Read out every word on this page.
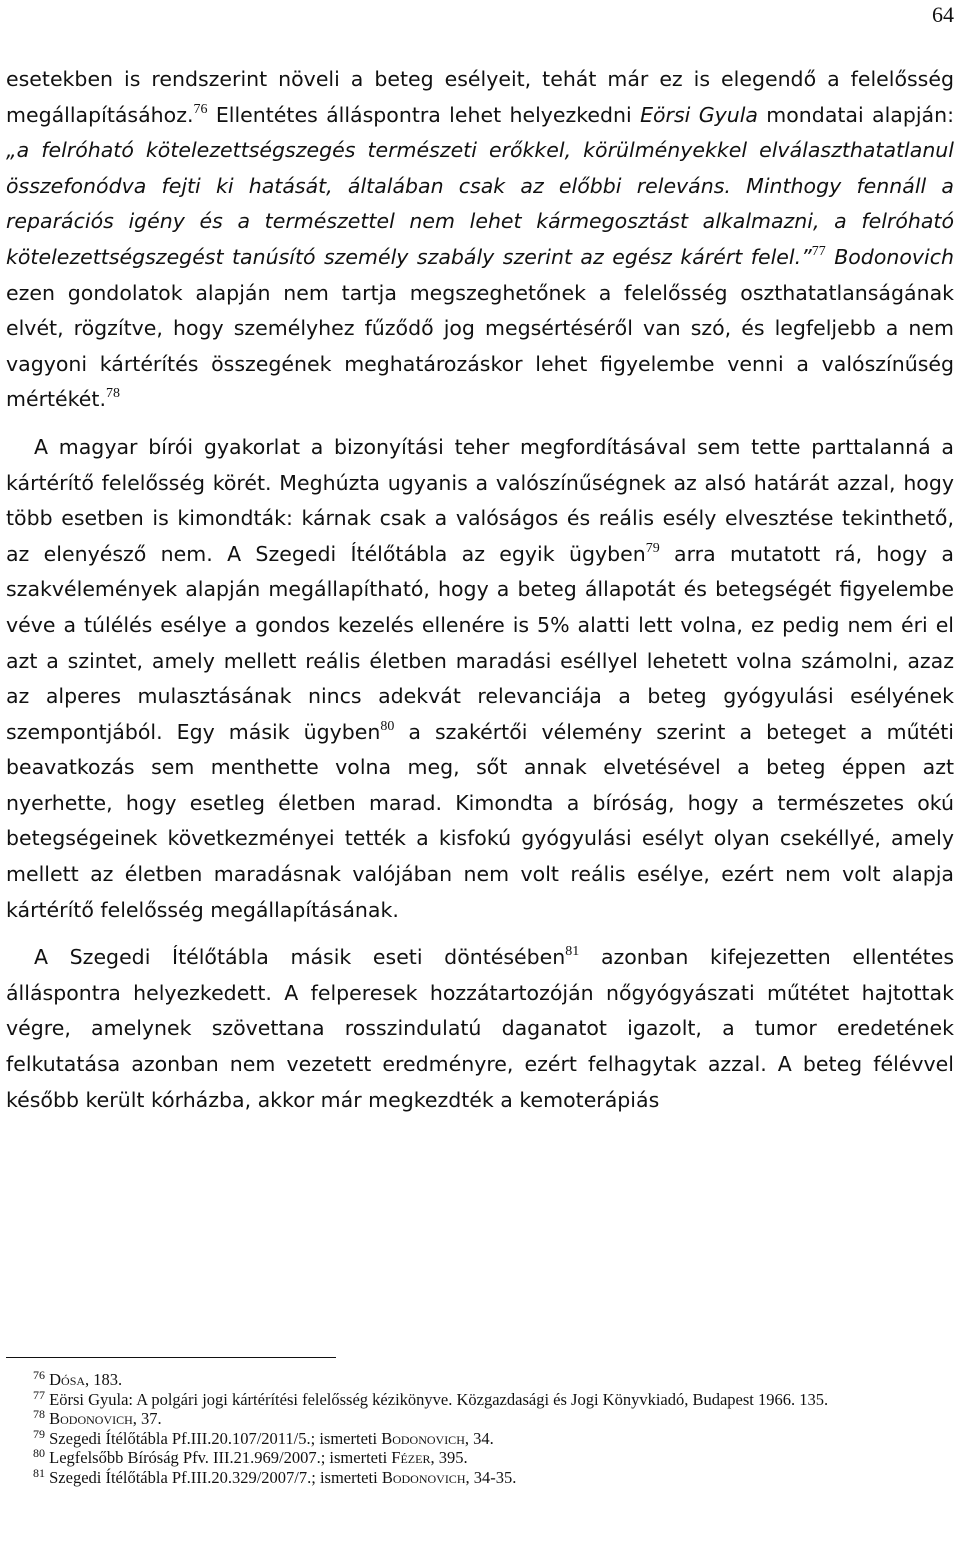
64

esetekben is rendszerint növeli a beteg esélyeit, tehát már ez is elegendő a felelősség megállapításához.$^{76}$ Ellentétes álláspontra lehet helyezkedni Eörsi Gyula mondatai alapján: „a felróható kötelezettségszegés természeti erőkkel, körülményekkel elválaszthatatlanul összefonódva fejti ki hatását, általában csak az előbbi releváns. Minthogy fennáll a reparációs igény és a természettel nem lehet kármegosztást alkalmazni, a felróható kötelezettségszegést tanúsító személy szabály szerint az egész kárért felel.”$^{77}$ Bodonovich ezen gondolatok alapján nem tartja megszeghetőnek a felelősség oszthatatlanságának elvét, rögzítve, hogy személyhez fűződő jog megsértéséről van szó, és legfeljebb a nem vagyoni kártérítés összegének meghatározáskor lehet figyelembe venni a valószínűség mértékét.$^{78}$

A magyar bírói gyakorlat a bizonyítási teher megfordításával sem tette parttalanná a kártérítő felelősség körét. Meghúzta ugyanis a valószínűségnek az alsó határát azzal, hogy több esetben is kimondták: kárnak csak a valóságos és reális esély elvesztése tekinthető, az elenyésző nem. A Szegedi Ítélőtábla az egyik ügyben$^{79}$ arra mutatott rá, hogy a szakvélemények alapján megállapítható, hogy a beteg állapotát és betegségét figyelembe véve a túlélés esélye a gondos kezelés ellenére is 5% alatti lett volna, ez pedig nem éri el azt a szintet, amely mellett reális életben maradási eséllyel lehetett volna számolni, azaz az alperes mulasztásának nincs adekvát relevanciája a beteg gyógyulási esélyének szempontjából. Egy másik ügyben$^{80}$ a szakértői vélemény szerint a beteget a műtéti beavatkozás sem menthette volna meg, sőt annak elvetésével a beteg éppen azt nyerhette, hogy esetleg életben marad. Kimondta a bíróság, hogy a természetes okú betegségeinek következményei tették a kisfokú gyógyulási esélyt olyan csekéllyé, amely mellett az életben maradásnak valójában nem volt reális esélye, ezért nem volt alapja kártérítő felelősség megállapításának.

A Szegedi Ítélőtábla másik eseti döntésében$^{81}$ azonban kifejezetten ellentétes álláspontra helyezkedett. A felperesek hozzátartozóján nőgyógyászati műtétet hajtottak végre, amelynek szövettana rosszindulatú daganatot igazolt, a tumor eredetének felkutatása azonban nem vezetett eredményre, ezért felhagytak azzal. A beteg félévvel később került kórházba, akkor már megkezdték a kemoterápiás

$^{76}$ Dósa, 183.

$^{77}$ Eörsi Gyula: A polgári jogi kártérítési felelősség kézikönyve. Közgazdasági és Jogi Könyvkiadó, Budapest 1966. 135.

$^{78}$ Bodonovich, 37.

$^{79}$ Szegedi Ítélőtábla Pf.III.20.107/2011/5.; ismerteti Bodonovich, 34.

$^{80}$ Legfelsőbb Bíróság Pfv. III.21.969/2007.; ismerteti Fézer, 395.

$^{81}$ Szegedi Ítélőtábla Pf.III.20.329/2007/7.; ismerteti Bodonovich, 34-35.
